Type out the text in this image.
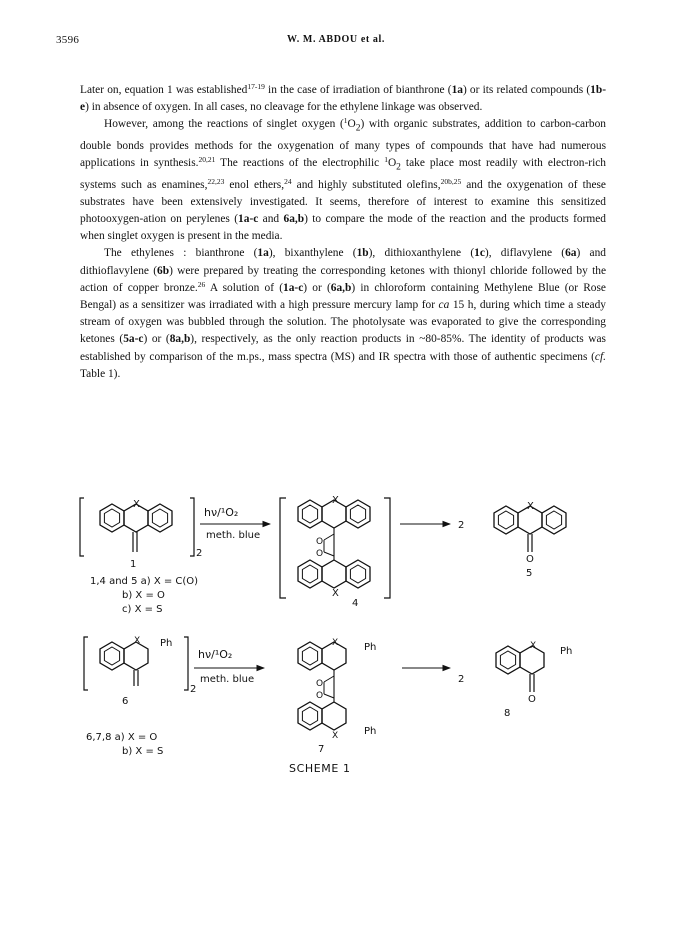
3596	W. M. ABDOU et al.

Later on, equation 1 was established$^{17-19}$ in the case of irradiation of bianthrone (1a) or its related compounds (1b-e) in absence of oxygen. In all cases, no cleavage for the ethylene linkage was observed.

However, among the reactions of singlet oxygen $(^1O_2)$ with organic substrates, addition to carbon-carbon double bonds provides methods for the oxygenation of many types of compounds that have had numerous applications in synthesis.$^{20,21}$ The reactions of the electrophilic $^1O_2$ take place most readily with electron-rich systems such as enamines,$^{22,23}$ enol ethers,$^{24}$ and highly substituted olefins,$^{20b,25}$ and the oxygenation of these substrates have been extensively investigated. It seems, therefore of interest to examine this sensitized photooxygen-ation on perylenes (1a-c and 6a,b) to compare the mode of the reaction and the products formed when singlet oxygen is present in the media.

The ethylenes : bianthrone (1a), bixanthylene (1b), dithioxanthylene (1c), diflavylene (6a) and dithioflavylene (6b) were prepared by treating the corresponding ketones with thionyl chloride followed by the action of copper bronze.$^{26}$ A solution of (1a-c) or (6a,b) in chloroform containing Methylene Blue (or Rose Bengal) as a sensitizer was irradiated with a high pressure mercury lamp for ca 15 h, during which time a steady stream of oxygen was bubbled through the solution. The photolysate was evaporated to give the corresponding ketones (5a-c) or (8a,b), respectively, as the only reaction products in ~80-85%. The identity of products was established by comparison of the m.ps., mass spectra (MS) and IR spectra with those of authentic specimens (cf. Table 1).

X
1
2
hν/¹O₂
meth. blue
X
X
O
O
4
2
X
O
5
1,4 and 5 a) X = C(O)
b) X = O
c) X = S
X Ph
6
2
hν/¹O₂
meth. blue
X	Ph
X	Ph
O
O
7
2
X Ph
O
8
6,7,8 a) X = O
b) X = S
SCHEME 1
